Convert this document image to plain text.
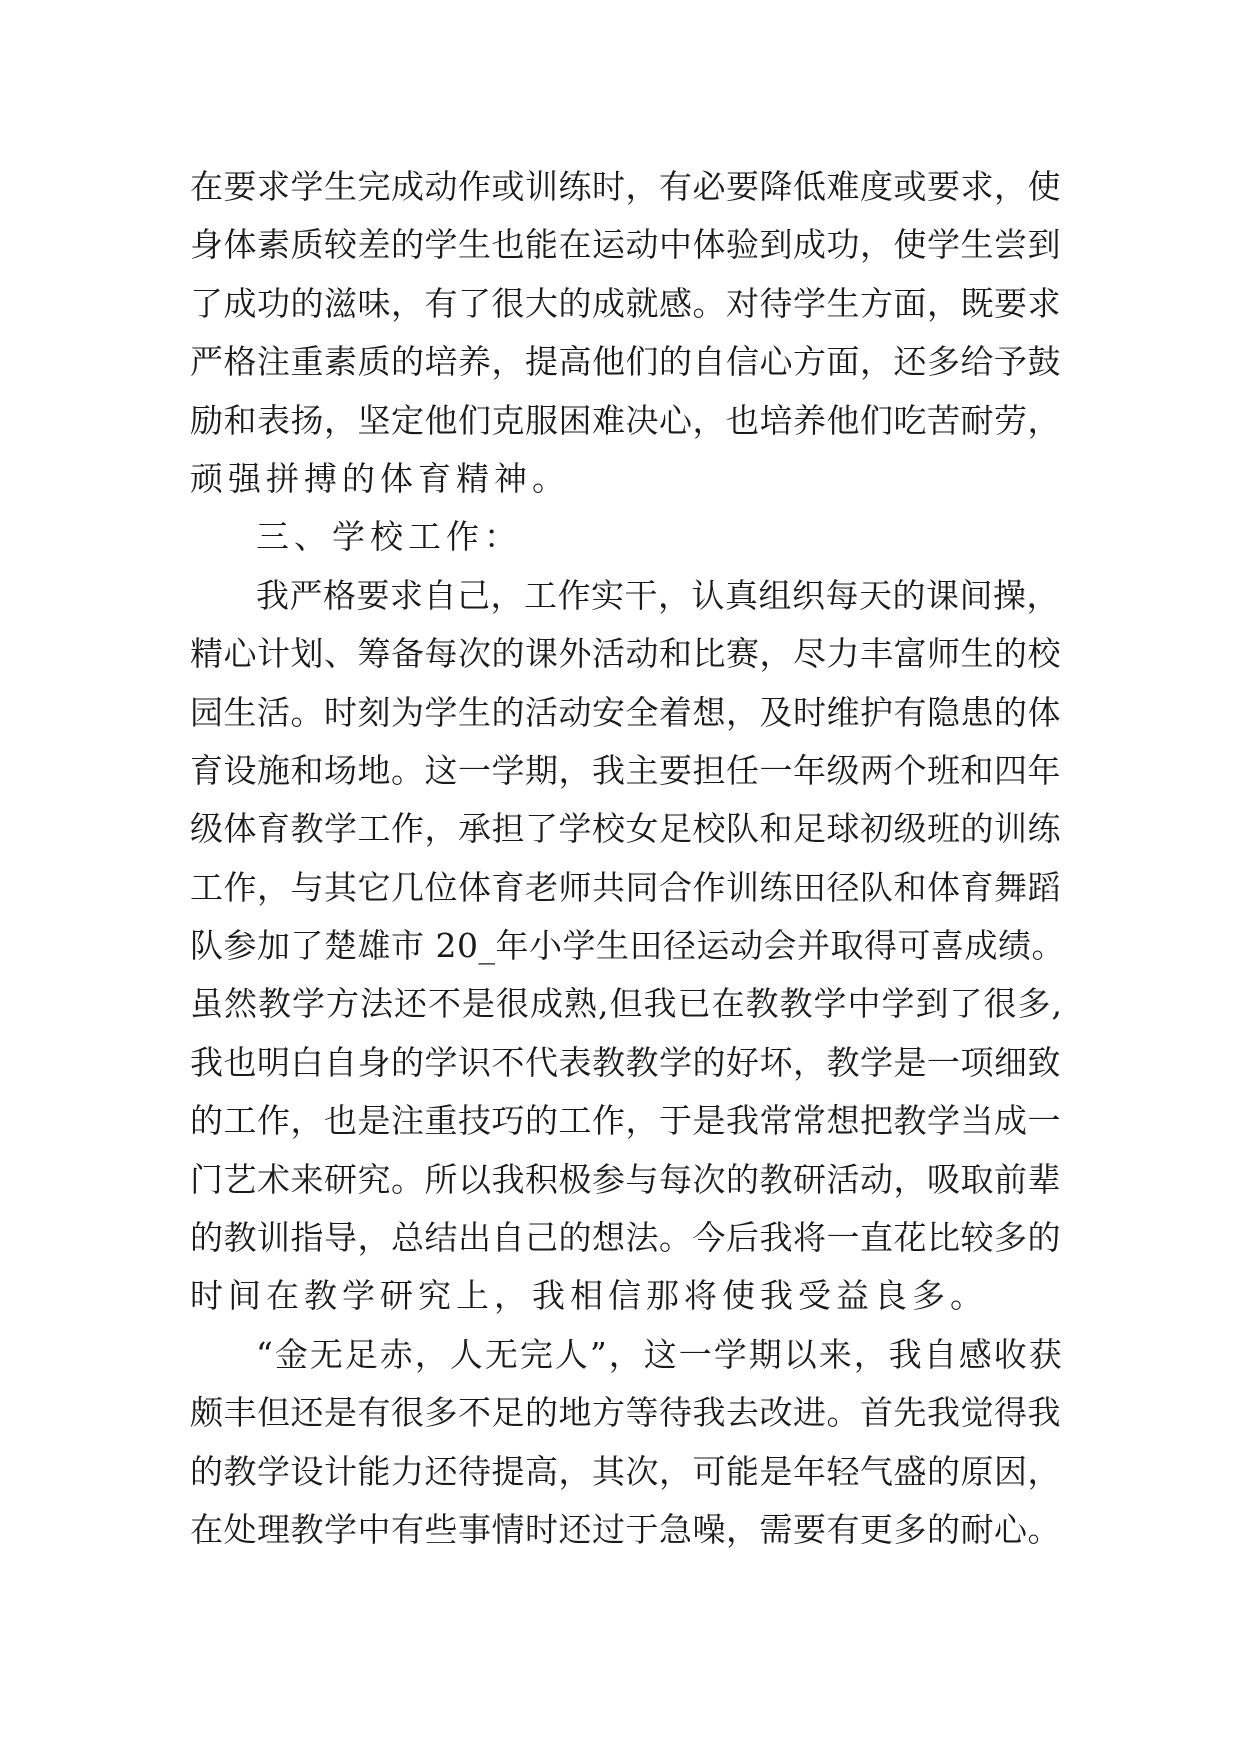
在要求学生完成动作或训练时，有必要降低难度或要求，使
身体素质较差的学生也能在运动中体验到成功，使学生尝到
了成功的滋味，有了很大的成就感。对待学生方面，既要求
严格注重素质的培养，提高他们的自信心方面，还多给予鼓
励和表扬，坚定他们克服困难决心，也培养他们吃苦耐劳，
顽强拼搏的体育精神。
三、学校工作：
我严格要求自己，工作实干，认真组织每天的课间操，
精心计划、筹备每次的课外活动和比赛，尽力丰富师生的校
园生活。时刻为学生的活动安全着想，及时维护有隐患的体
育设施和场地。这一学期，我主要担任一年级两个班和四年
级体育教学工作，承担了学校女足校队和足球初级班的训练
工作，与其它几位体育老师共同合作训练田径队和体育舞蹈
队参加了楚雄市 20_年小学生田径运动会并取得可喜成绩。
虽然教学方法还不是很成熟,但我已在教教学中学到了很多,
我也明白自身的学识不代表教教学的好坏，教学是一项细致
的工作，也是注重技巧的工作，于是我常常想把教学当成一
门艺术来研究。所以我积极参与每次的教研活动，吸取前辈
的教训指导，总结出自己的想法。今后我将一直花比较多的
时间在教学研究上，我相信那将使我受益良多。
“金无足赤，人无完人”，这一学期以来，我自感收获
颇丰但还是有很多不足的地方等待我去改进。首先我觉得我
的教学设计能力还待提高，其次，可能是年轻气盛的原因，
在处理教学中有些事情时还过于急噪，需要有更多的耐心。
